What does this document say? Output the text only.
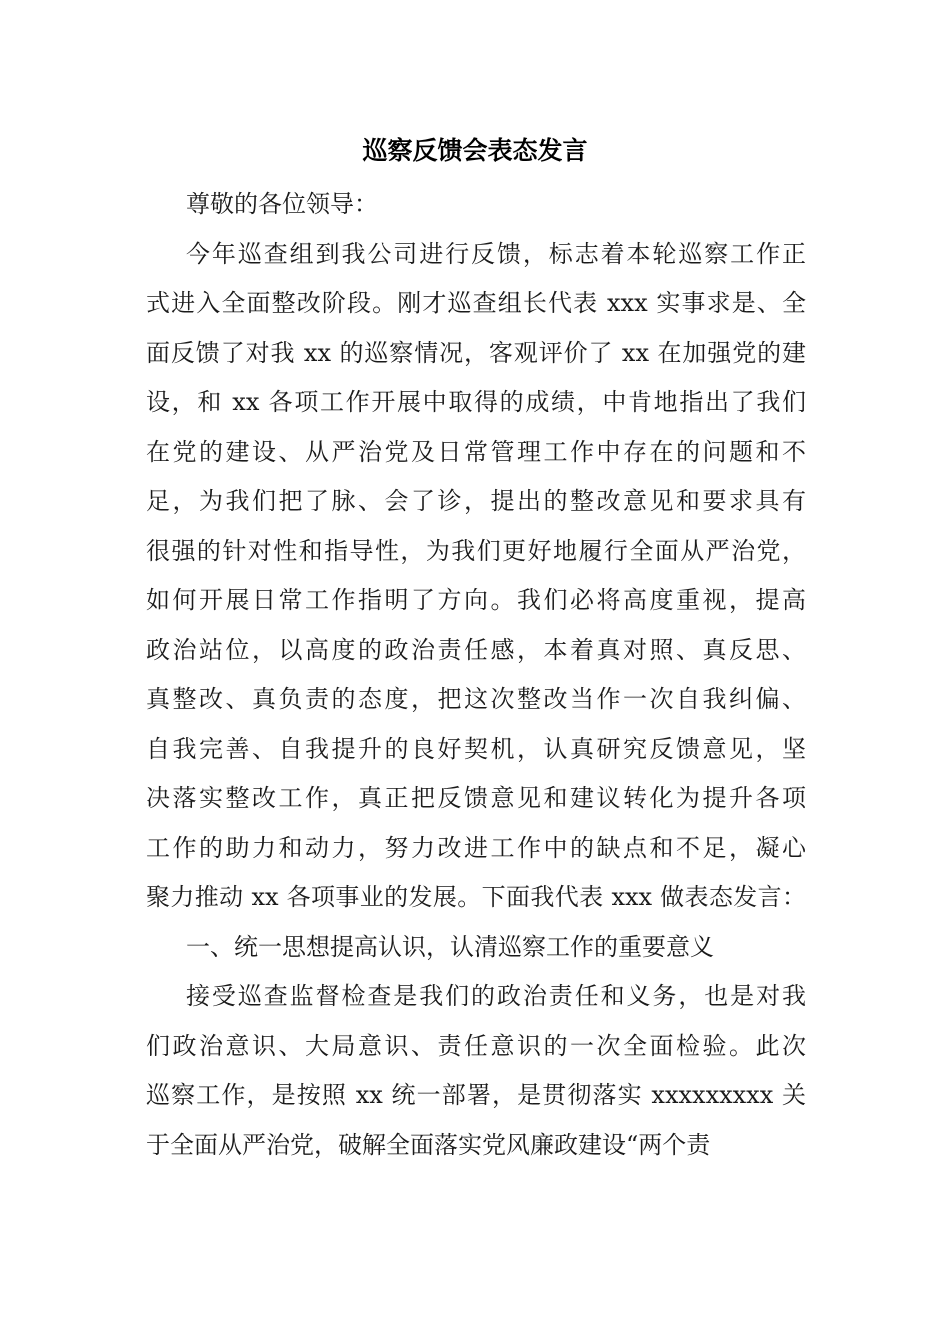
巡察反馈会表态发言
尊敬的各位领导：
今年巡查组到我公司进行反馈，标志着本轮巡察工作正
式进入全面整改阶段。刚才巡查组长代表 xxx 实事求是、全
面反馈了对我 xx 的巡察情况，客观评价了 xx 在加强党的建
设，和 xx 各项工作开展中取得的成绩，中肯地指出了我们
在党的建设、从严治党及日常管理工作中存在的问题和不
足，为我们把了脉、会了诊，提出的整改意见和要求具有
很强的针对性和指导性，为我们更好地履行全面从严治党，
如何开展日常工作指明了方向。我们必将高度重视，提高
政治站位，以高度的政治责任感，本着真对照、真反思、
真整改、真负责的态度，把这次整改当作一次自我纠偏、
自我完善、自我提升的良好契机，认真研究反馈意见，坚
决落实整改工作，真正把反馈意见和建议转化为提升各项
工作的助力和动力，努力改进工作中的缺点和不足，凝心
聚力推动 xx 各项事业的发展。下面我代表 xxx 做表态发言：
一、统一思想提高认识，认清巡察工作的重要意义
接受巡查监督检查是我们的政治责任和义务，也是对我
们政治意识、大局意识、责任意识的一次全面检验。此次
巡察工作，是按照 xx 统一部署，是贯彻落实 xxxxxxxxx 关
于全面从严治党，破解全面落实党风廉政建设“两个责
